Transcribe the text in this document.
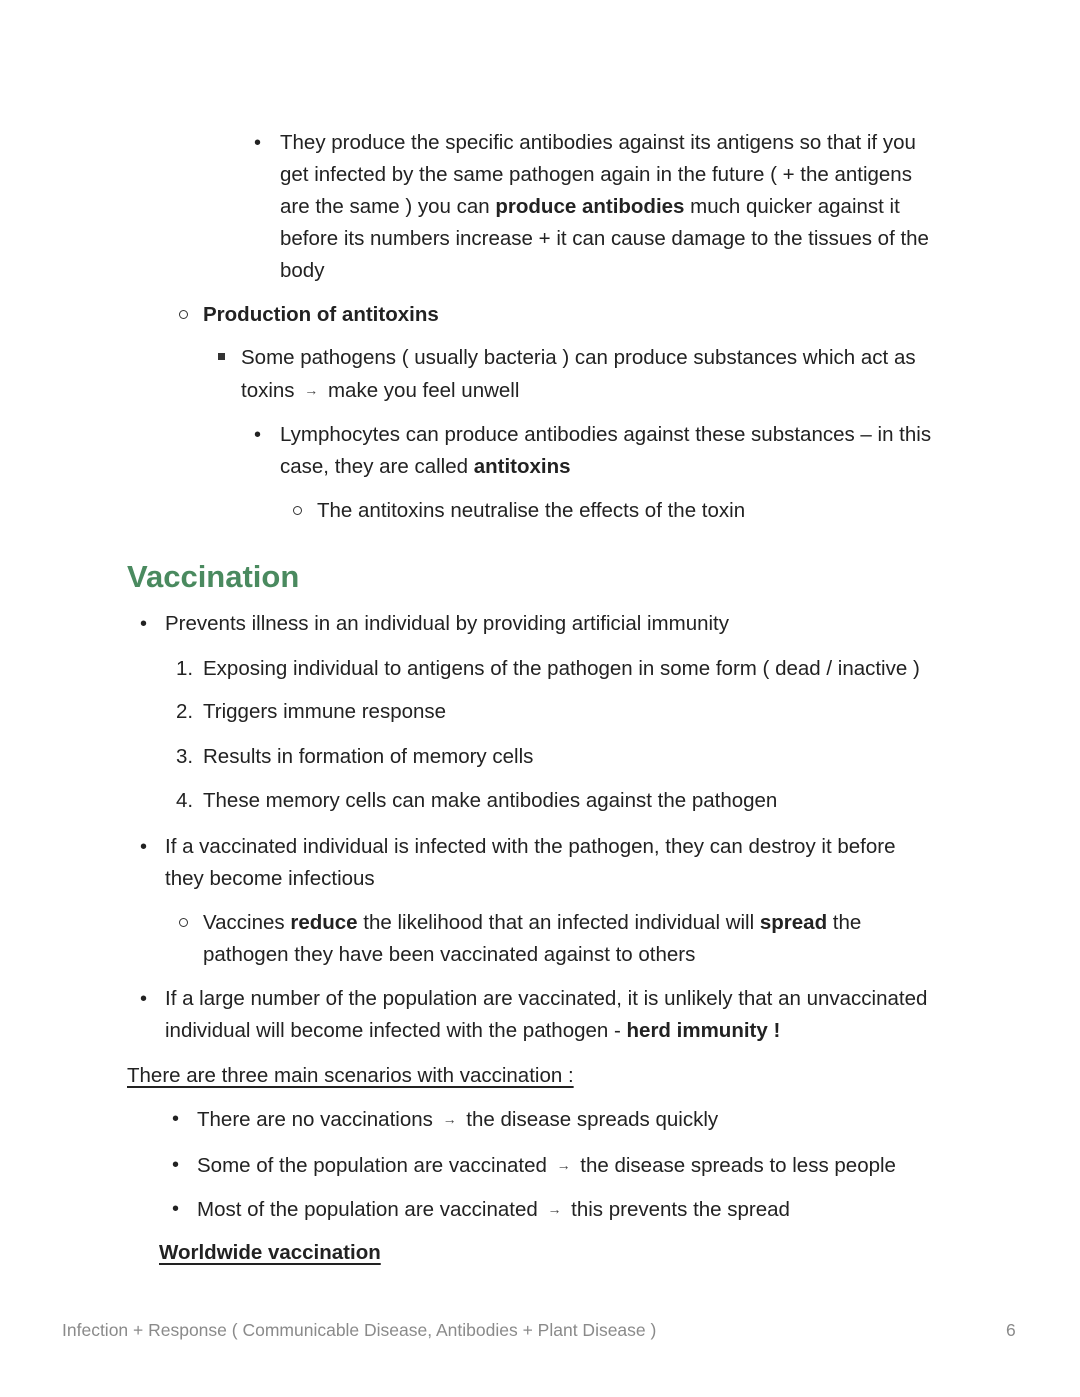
•
They produce the specific antibodies against its antigens so that if you
get infected by the same pathogen again in the future ( + the antigens
are the same ) you can produce antibodies much quicker against it
before its numbers increase + it can cause damage to the tissues of the
body
Production of antitoxins
Some pathogens ( usually bacteria ) can produce substances which act as
toxins → make you feel unwell
•
Lymphocytes can produce antibodies against these substances – in this
case, they are called antitoxins
The antitoxins neutralise the effects of the toxin
Vaccination
•
Prevents illness in an individual by providing artificial immunity
1. Exposing individual to antigens of the pathogen in some form ( dead / inactive )
2. Triggers immune response
3. Results in formation of memory cells
4. These memory cells can make antibodies against the pathogen
•
If a vaccinated individual is infected with the pathogen, they can destroy it before
they become infectious
Vaccines reduce the likelihood that an infected individual will spread the
pathogen they have been vaccinated against to others
•
If a large number of the population are vaccinated, it is unlikely that an unvaccinated
individual will become infected with the pathogen - herd immunity !
There are three main scenarios with vaccination :
•
There are no vaccinations → the disease spreads quickly
•
Some of the population are vaccinated → the disease spreads to less people
•
Most of the population are vaccinated → this prevents the spread
Worldwide vaccination
Infection + Response ( Communicable Disease, Antibodies + Plant Disease )	6
